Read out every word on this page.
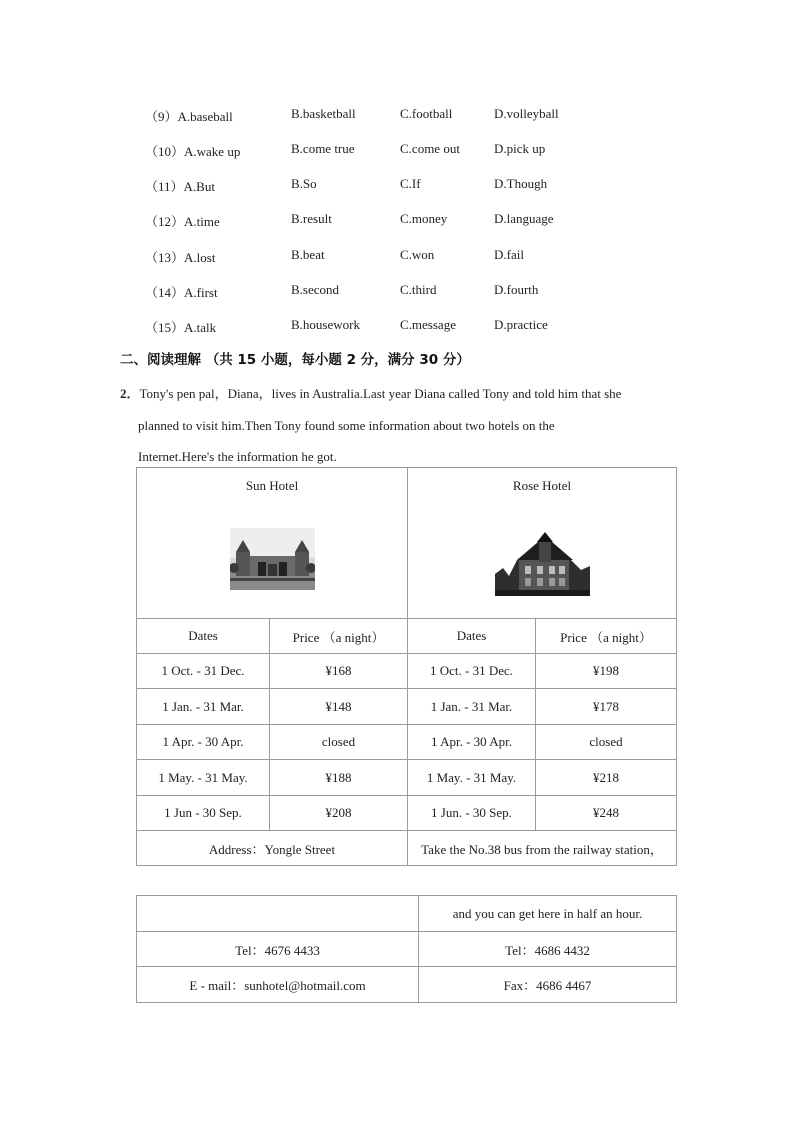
（9）A.baseball	B.basketball	C.football	D.volleyball
（10）A.wake up	B.come true	C.come out	D.pick up
（11）A.But	B.So	C.If	D.Though
（12）A.time	B.result	C.money	D.language
（13）A.lost	B.beat	C.won	D.fail
（14）A.first	B.second	C.third	D.fourth
（15）A.talk	B.housework	C.message	D.practice
二、阅读理解 （共 15 小题，每小题 2 分，满分 30 分）
2．Tony's pen pal，Diana，lives in Australia.Last year Diana called Tony and told him that she
planned to visit him.Then Tony found some information about two hotels on the
Internet.Here's the information he got.
Sun Hotel		Rose Hotel	

Dates	Price （a night）	Dates	Price （a night）
1 Oct. - 31 Dec.	¥168	1 Oct. - 31 Dec.	¥198
1 Jan. - 31 Mar.	¥148	1 Jan. - 31 Mar.	¥178
1 Apr. - 30 Apr.	closed	1 Apr. - 30 Apr.	closed
1 May. - 31 May.	¥188	1 May. - 31 May.	¥218
1 Jun - 30 Sep.	¥208	1 Jun. - 30 Sep.	¥248
Address：Yongle Street		Take the No.38 bus from the railway station，	
	and you can get here in half an hour.
Tel：4676 4433	Tel：4686 4432
E - mail：sunhotel@hotmail.com	Fax：4686 4467
